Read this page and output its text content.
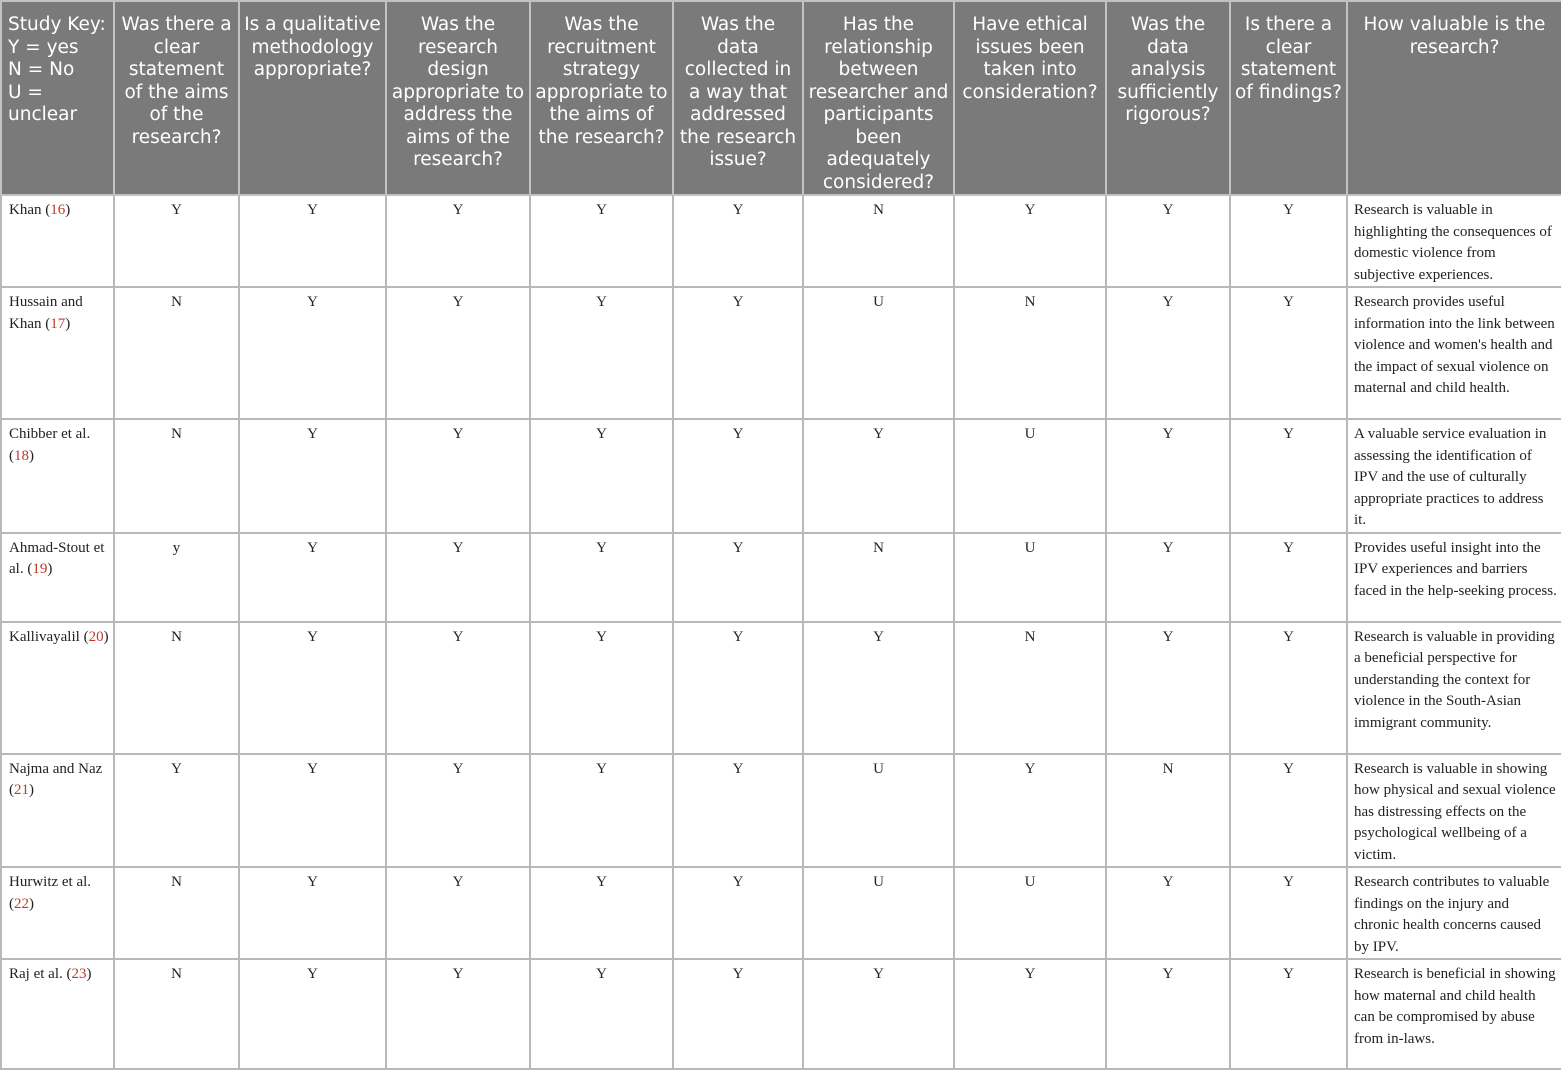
Study Key:
Y = yes
N = No
U = unclear	Was there a clear statement of the aims of the research?	Is a qualitative methodology appropriate?	Was the research design appropriate to address the aims of the research?	Was the recruitment strategy appropriate to the aims of the research?	Was the data collected in a way that addressed the research issue?	Has the relationship between researcher and participants been adequately considered?	Have ethical issues been taken into consideration?	Was the data analysis sufficiently rigorous?	Is there a clear statement of findings?	How valuable is the research?
Khan (16)	Y	Y	Y	Y	Y	N	Y	Y	Y	Research is valuable in highlighting the consequences of domestic violence from subjective experiences.
Hussain and Khan (17)	N	Y	Y	Y	Y	U	N	Y	Y	Research provides useful information into the link between violence and women's health and the impact of sexual violence on maternal and child health.
Chibber et al. (18)	N	Y	Y	Y	Y	Y	U	Y	Y	A valuable service evaluation in assessing the identification of IPV and the use of culturally appropriate practices to address it.
Ahmad-Stout et al. (19)	y	Y	Y	Y	Y	N	U	Y	Y	Provides useful insight into the IPV experiences and barriers faced in the help-seeking process.
Kallivayalil (20)	N	Y	Y	Y	Y	Y	N	Y	Y	Research is valuable in providing a beneficial perspective for understanding the context for violence in the South-Asian immigrant community.
Najma and Naz (21)	Y	Y	Y	Y	Y	U	Y	N	Y	Research is valuable in showing how physical and sexual violence has distressing effects on the psychological wellbeing of a victim.
Hurwitz et al. (22)	N	Y	Y	Y	Y	U	U	Y	Y	Research contributes to valuable findings on the injury and chronic health concerns caused by IPV.
Raj et al. (23)	N	Y	Y	Y	Y	Y	Y	Y	Y	Research is beneficial in showing how maternal and child health can be compromised by abuse from in-laws.
